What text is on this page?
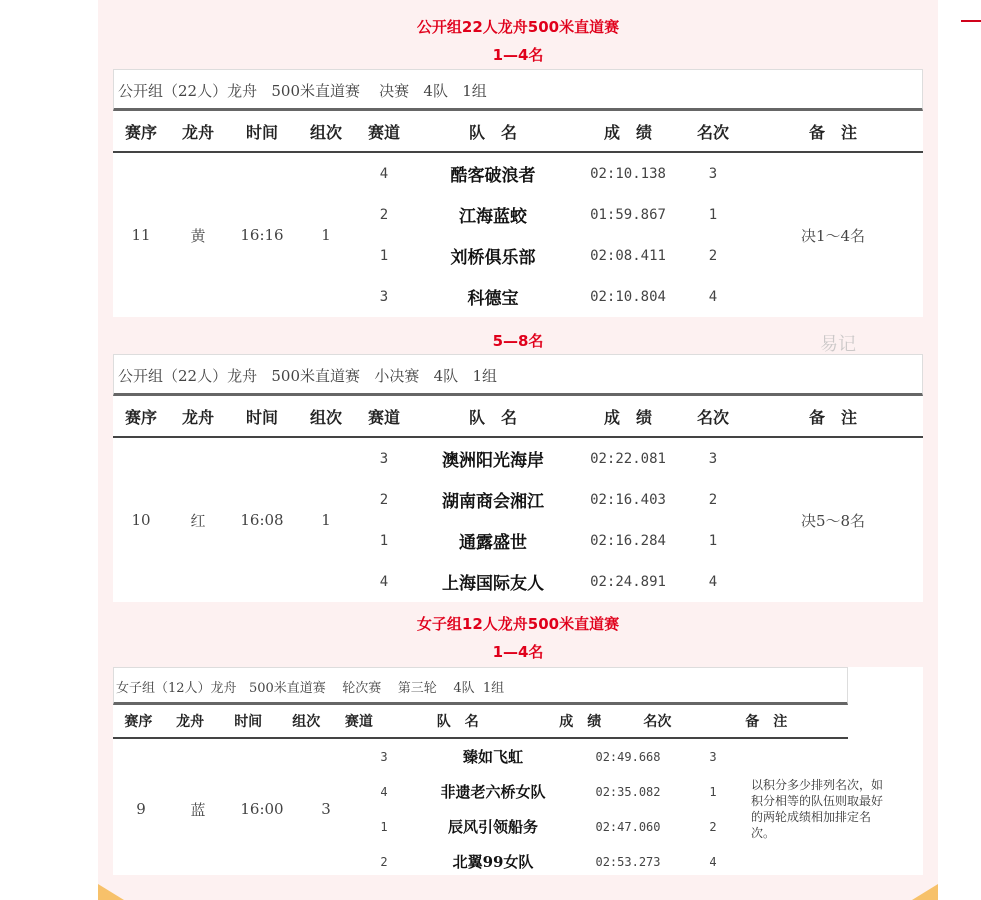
公开组22人龙舟500米直道赛
1—4名
5—8名
女子组12人龙舟500米直道赛
1—4名
公开组（22人）龙舟   500米直道赛    决赛   4队   1组
赛序	龙舟	时间	组次	赛道	队　名	成　绩	名次	备　注
11	黄	16:16	1
4	酷客破浪者	02:10.138	3
2	江海蓝蛟	01:59.867	1
1	刘桥俱乐部	02:08.411	2
3	科德宝	02:10.804	4
决1～4名
公开组（22人）龙舟   500米直道赛   小决赛   4队   1组
赛序	龙舟	时间	组次	赛道	队　名	成　绩	名次	备　注
10	红	16:08	1
3	澳洲阳光海岸	02:22.081	3
2	湖南商会湘江	02:16.403	2
1	通露盛世	02:16.284	1
4	上海国际友人	02:24.891	4
决5～8名
女子组（12人）龙舟   500米直道赛    轮次赛    第三轮    4队  1组
赛序	龙舟	时间	组次	赛道	队　名	成　绩	名次	备　注
9	蓝	16:00	3
3	臻如飞虹	02:49.668	3
4	非遗老六桥女队	02:35.082	1
1	辰风引领船务	02:47.060	2
2	北翼99女队	02:53.273	4
以积分多少排列名次，如积分相等的队伍则取最好的两轮成绩相加排定名次。
易记
